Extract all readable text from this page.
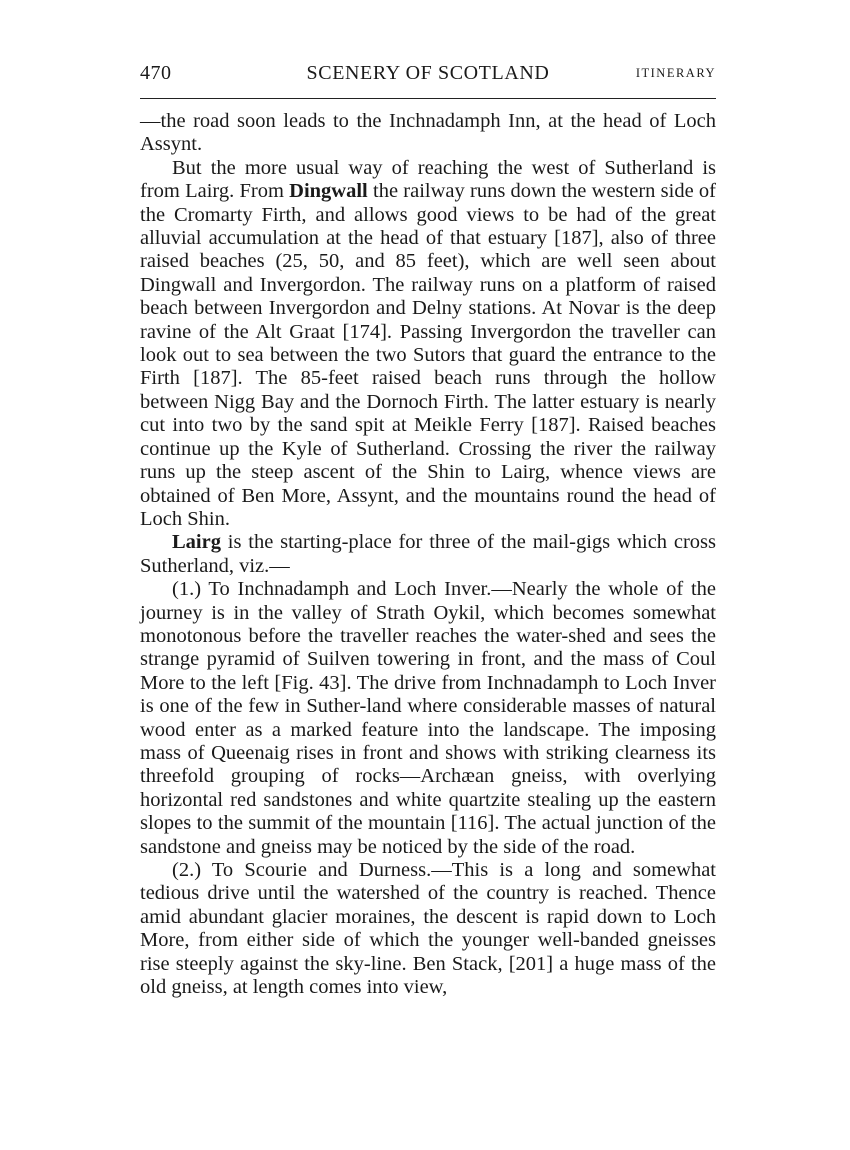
470	SCENERY OF SCOTLAND	ITINERARY

—the road soon leads to the Inchnadamph Inn, at the head of Loch Assynt.

But the more usual way of reaching the west of Sutherland is from Lairg. From Dingwall the railway runs down the western side of the Cromarty Firth, and allows good views to be had of the great alluvial accumulation at the head of that estuary [187], also of three raised beaches (25, 50, and 85 feet), which are well seen about Dingwall and Invergordon. The railway runs on a platform of raised beach between Invergordon and Delny stations. At Novar is the deep ravine of the Alt Graat [174]. Passing Invergordon the traveller can look out to sea between the two Sutors that guard the entrance to the Firth [187]. The 85-feet raised beach runs through the hollow between Nigg Bay and the Dornoch Firth. The latter estuary is nearly cut into two by the sand spit at Meikle Ferry [187]. Raised beaches continue up the Kyle of Sutherland. Crossing the river the railway runs up the steep ascent of the Shin to Lairg, whence views are obtained of Ben More, Assynt, and the mountains round the head of Loch Shin.

Lairg is the starting-place for three of the mail-gigs which cross Sutherland, viz.—

(1.) To Inchnadamph and Loch Inver.—Nearly the whole of the journey is in the valley of Strath Oykil, which becomes somewhat monotonous before the traveller reaches the water-shed and sees the strange pyramid of Suilven towering in front, and the mass of Coul More to the left [Fig. 43]. The drive from Inchnadamph to Loch Inver is one of the few in Suther-land where considerable masses of natural wood enter as a marked feature into the landscape. The imposing mass of Queenaig rises in front and shows with striking clearness its threefold grouping of rocks—Archæan gneiss, with overlying horizontal red sandstones and white quartzite stealing up the eastern slopes to the summit of the mountain [116]. The actual junction of the sandstone and gneiss may be noticed by the side of the road.

(2.) To Scourie and Durness.—This is a long and somewhat tedious drive until the watershed of the country is reached. Thence amid abundant glacier moraines, the descent is rapid down to Loch More, from either side of which the younger well-banded gneisses rise steeply against the sky-line. Ben Stack, [201] a huge mass of the old gneiss, at length comes into view,
